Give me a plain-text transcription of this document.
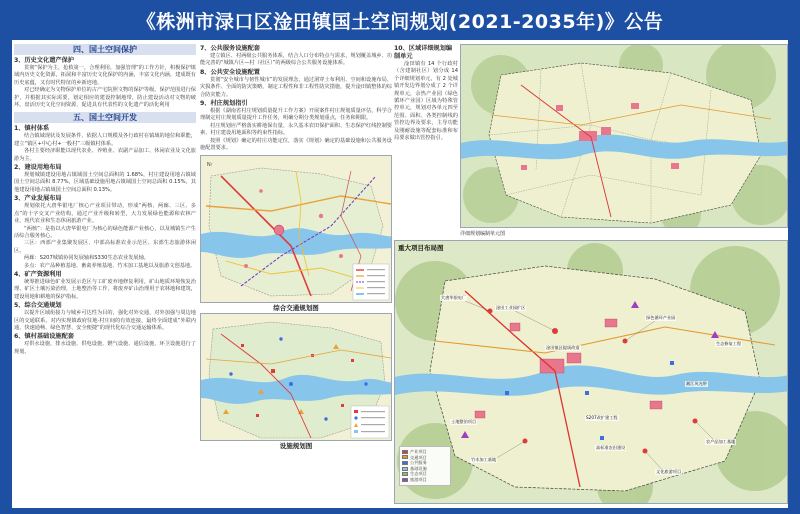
《株洲市渌口区淦田镇国土空间规划(2021-2035年)》公告
四、国土空间保护
3、历史文化遗产保护

贯彻“保护为主，抢救第一，合理利用，加强管理”的工作方针，积极保护镇域内历史文化资源，拓展和丰富历史文化保护的内涵，丰富文化内涵，建成既有历史底蕴，又有时代特征的乡新迹地。

对已经确定为文物保护单位的古产宅院照文物的保护等级，保护范围进行保护，并根据其实际需要，划定相应的建设控制地带，防止建设活动对文物的破坏。盘活历史文化空间资源，促进具有代表性的文化遗产的活化利用

五、国土空间开发
1、镇村体系

结合镇域现状及发展条件，依据人口规模及各行政村在镇域的地位和职能，建立“镇区+中心村+一般村”三级镇村体系。

各村主要经济职能以现代农业、养殖业、农副产品加工、休闲农业及文化旅游为主。

2、建设用地布局

规划城镇建设用地占镇域国土空间总面积的 1.68%，村庄建设用地占镇域国土空间总面积 8.77%，区域基础设施用地占镇域国土空间总面积 0.15%，其他建设用地占镇域国土空间总面积 0.13%。

3、产业发展布局

规划依托大唐华银电厂核心产业项目带动，形成“两核、两廊、三区、多点”的十字交叉产业结构，通过产业升级和转型，大力发展绿色能源和农林产业，现代农业和生态休闲旅游产业。

“两核”：是指以大唐华银电厂为核心的绿色能源产业核心，以及城镇生产生活综合服务核心。

三区：西部产业集聚发展区、中部高标准农业示范区、东部生态旅游休闲区。

两廊：S207城镇协同发展轴和S330生态农业发展轴。

多点：农产品种植基地、畜禽养殖基地、竹木加工基地以及旅游文创基地。

4、矿产资源利用

统筹推进绿色矿业发展示范区与工矿废弃地修复利用，矿山地质环境恢复治理、矿区土壤污染治理，土地整治等工作，将废弃矿山治理用于农林地和建筑，建设用地和耕地的保护指标。

5、综合交通规划

以提升区域衔接力与城乡可达性为目的，强化对外交通，对外加强与周边地区的交通联系，对内实现镇政府驻地·村庄间的有效连接，最终全面建成“外联内通、快速通畅、绿色智慧、安全便捷”的现代化综合交通运输体系。

6、镇村基础设施配套

对供水设施、排水设施、供电设施、燃气设施、通信设施、环卫设施进行了规划。

7、公共服务设施配套

建立镇区、村两级公共服务体系，结合人口分布特点与需求，规划覆盖城乡、功能完善的“城镇片区—村（社区）”的两级综合公共服务设施体系。

8、公共安全设施配置

贯彻“安全城市与韧性城市”的发展理念，通过洞穿土布利用、空间和设施布局、灾损条件、全面的防灾策略，制定工程性和非工程性防灾措施，提升淦田镇整体的综合防灾能力。

9、村庄规划指引

根据《湖南省村庄规划质量提升工作方案》开展案件村庄规划质量评估，科学合理制定村庄规划质量提升工作任务，明确分期分类规划重点，任务和期限。

村庄规划应严格落实耕地保有量、永久基本农田保护面积、生态保护红线控制要素，村庄建设用地面积等约束性指标。

按照《规划》确定的村庄功能定位，落实《规划》确定的基础设施和公共服务设施配置要求。

N↑
综合交通规划图
设施规划图
10、区域详细规划编制单元

淦田镇有 14 个行政村（含建制社区）划分成 14 个详细规划单元，有 2 处城镇开发边界划分成了 2 个详规单元，余热产业园（绿色循环产业园）区域为特殊管控单元，规划对各单元四至范围、面积、各类控制线的管控边界及要求，主导功能及刚耐设施等配套标准和布局要求做出管控指引。

详细规划编制单元图
重大项目布局图
淦田工业园扩区
绿色循环产业园
淦田镇区提质改造
大唐华银电厂
农产品加工基地
竹木加工基地
文化旅游项目
S207改扩建工程
湘江风光带
生态修复工程
土地整治项目
高标准农田建设
产业项目
交通项目
公共服务
基础设施
生态项目
旅游项目
